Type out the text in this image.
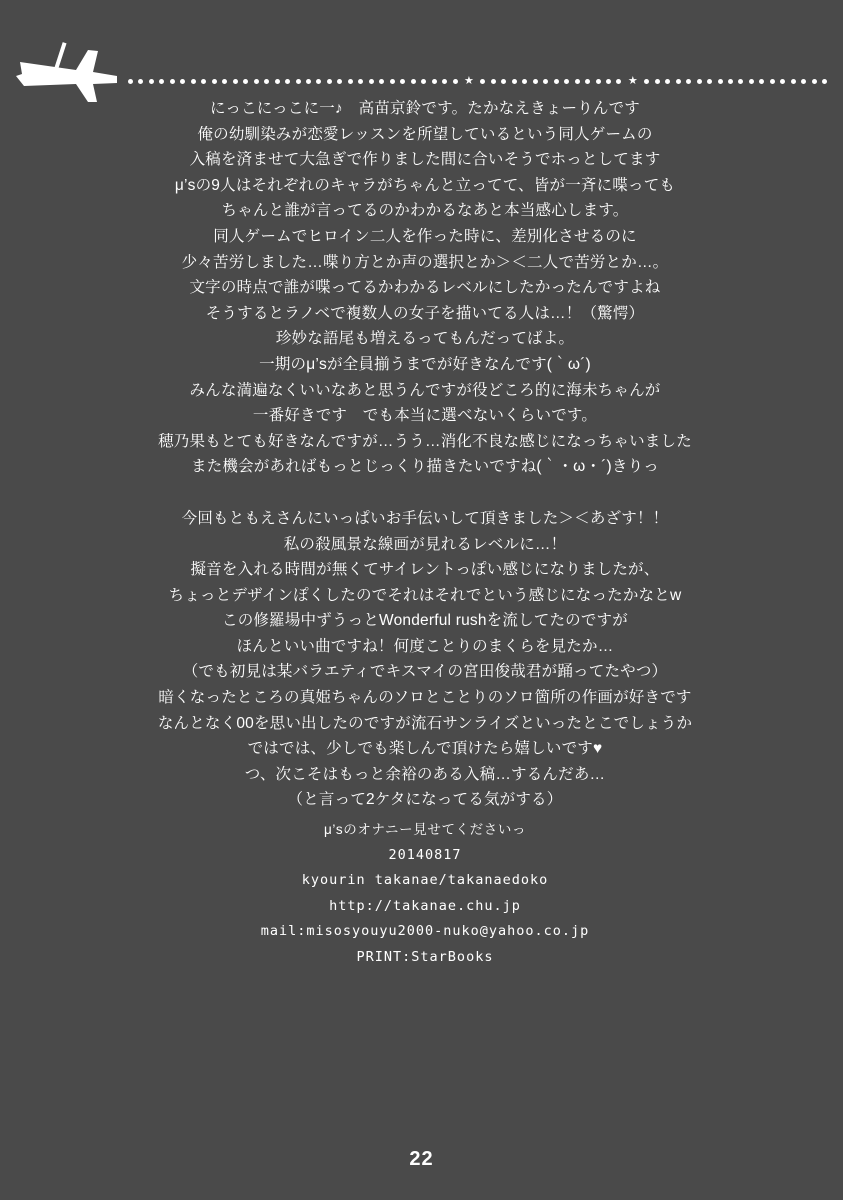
★	★

にっこにっこに一♪　高苗京鈴です。たかなえきょーりんです

俺の幼馴染みが恋愛レッスンを所望しているという同人ゲームの

入稿を済ませて大急ぎで作りました間に合いそうでホっとしてます

μ’sの9人はそれぞれのキャラがちゃんと立ってて、皆が一斉に喋っても

ちゃんと誰が言ってるのかわかるなあと本当感心します。

同人ゲームでヒロイン二人を作った時に、差別化させるのに

少々苦労しました…喋り方とか声の選択とか＞＜二人で苦労とか…。

文字の時点で誰が喋ってるかわかるレベルにしたかったんですよね

そうするとラノベで複数人の女子を描いてる人は…！（驚愕）

珍妙な語尾も増えるってもんだってばよ。

一期のμ’sが全員揃うまでが好きなんです(｀ω´)

みんな満遍なくいいなあと思うんですが役どころ的に海未ちゃんが

一番好きです　でも本当に選べないくらいです。

穂乃果もとても好きなんですが…うう…消化不良な感じになっちゃいました

また機会があればもっとじっくり描きたいですね(｀・ω・´)きりっ

今回もともえさんにいっぱいお手伝いして頂きました＞＜あざす！！

私の殺風景な線画が見れるレベルに…！

擬音を入れる時間が無くてサイレントっぽい感じになりましたが、

ちょっとデザインぽくしたのでそれはそれでという感じになったかなとw

この修羅場中ずうっとWonderful rushを流してたのですが

ほんといい曲ですね！何度ことりのまくらを見たか…

（でも初見は某バラエティでキスマイの宮田俊哉君が踊ってたやつ）

暗くなったところの真姫ちゃんのソロとことりのソロ箇所の作画が好きです

なんとなく00を思い出したのですが流石サンライズといったとこでしょうか

ではでは、少しでも楽しんで頂けたら嬉しいです♥

つ、次こそはもっと余裕のある入稿…するんだあ…

（と言って2ケタになってる気がする）

μ’sのオナニー見せてくださいっ

20140817

kyourin takanae/takanaedoko

http://takanae.chu.jp

mail:misosyouyu2000-nuko@yahoo.co.jp

PRINT:StarBooks

22
